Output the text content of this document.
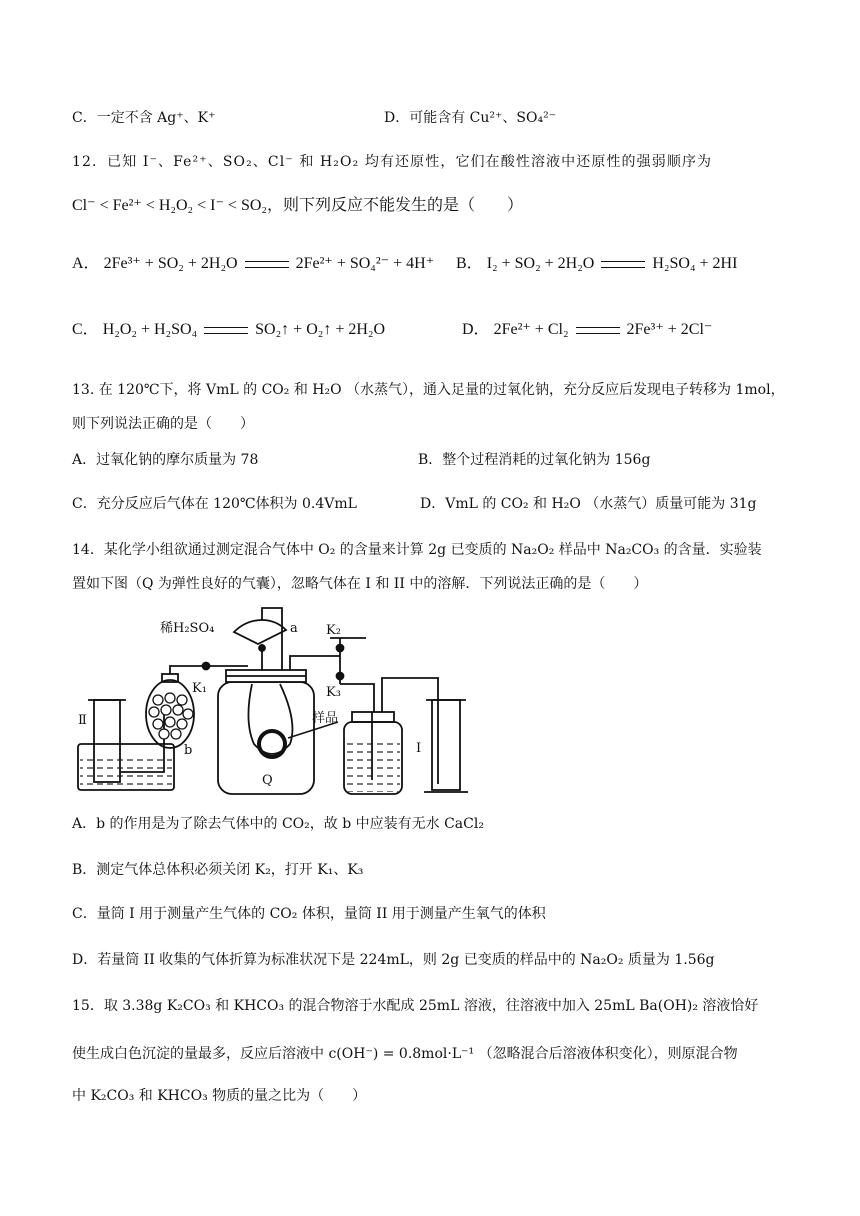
C．一定不含 Ag⁺、K⁺	D．可能含有 Cu²⁺、SO₄²⁻
12．已知 I⁻、Fe²⁺、SO₂、Cl⁻ 和 H₂O₂ 均有还原性，它们在酸性溶液中还原性的强弱顺序为
Cl⁻ < Fe²⁺ < H₂O₂ < I⁻ < SO₂，则下列反应不能发生的是（　　）
A． 2Fe³⁺ + SO₂ + 2H₂O	2Fe²⁺ + SO₄²⁻ + 4H⁺ B． I₂ + SO₂ + 2H₂O	H₂SO₄ + 2HI
C． H₂O₂ + H₂SO₄	SO₂↑ + O₂↑ + 2H₂O	D． 2Fe²⁺ + Cl₂	2Fe³⁺ + 2Cl⁻
13. 在 120℃下，将 VmL 的 CO₂ 和 H₂O （水蒸气），通入足量的过氧化钠，充分反应后发现电子转移为 1mol，
则下列说法正确的是（　　）
A．过氧化钠的摩尔质量为 78	B．整个过程消耗的过氧化钠为 156g
C．充分反应后气体在 120℃体积为 0.4VmL	D．VmL 的 CO₂ 和 H₂O （水蒸气）质量可能为 31g
14．某化学小组欲通过测定混合气体中 O₂ 的含量来计算 2g 已变质的 Na₂O₂ 样品中 Na₂CO₃ 的含量．实验装
置如下图（Q 为弹性良好的气囊），忽略气体在 I 和 II 中的溶解．下列说法正确的是（　　）
稀H₂SO₄	a
K₁
K₂
K₃
b
样品
Q
Ⅱ
Ⅰ
A．b 的作用是为了除去气体中的 CO₂，故 b 中应装有无水 CaCl₂
B．测定气体总体积必须关闭 K₂，打开 K₁、K₃
C．量筒 I 用于测量产生气体的 CO₂ 体积，量筒 II 用于测量产生氧气的体积
D．若量筒 II 收集的气体折算为标准状况下是 224mL，则 2g 已变质的样品中的 Na₂O₂ 质量为 1.56g
15．取 3.38g K₂CO₃ 和 KHCO₃ 的混合物溶于水配成 25mL 溶液，往溶液中加入 25mL Ba(OH)₂ 溶液恰好
使生成白色沉淀的量最多，反应后溶液中 c(OH⁻) = 0.8mol·L⁻¹ （忽略混合后溶液体积变化），则原混合物
中 K₂CO₃ 和 KHCO₃ 物质的量之比为（　　）
